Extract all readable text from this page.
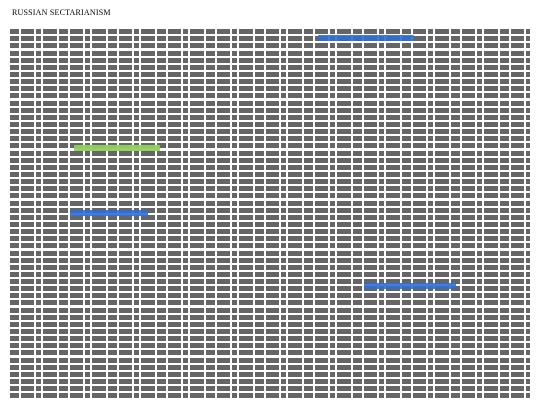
RUSSIAN SECTARIANISM
